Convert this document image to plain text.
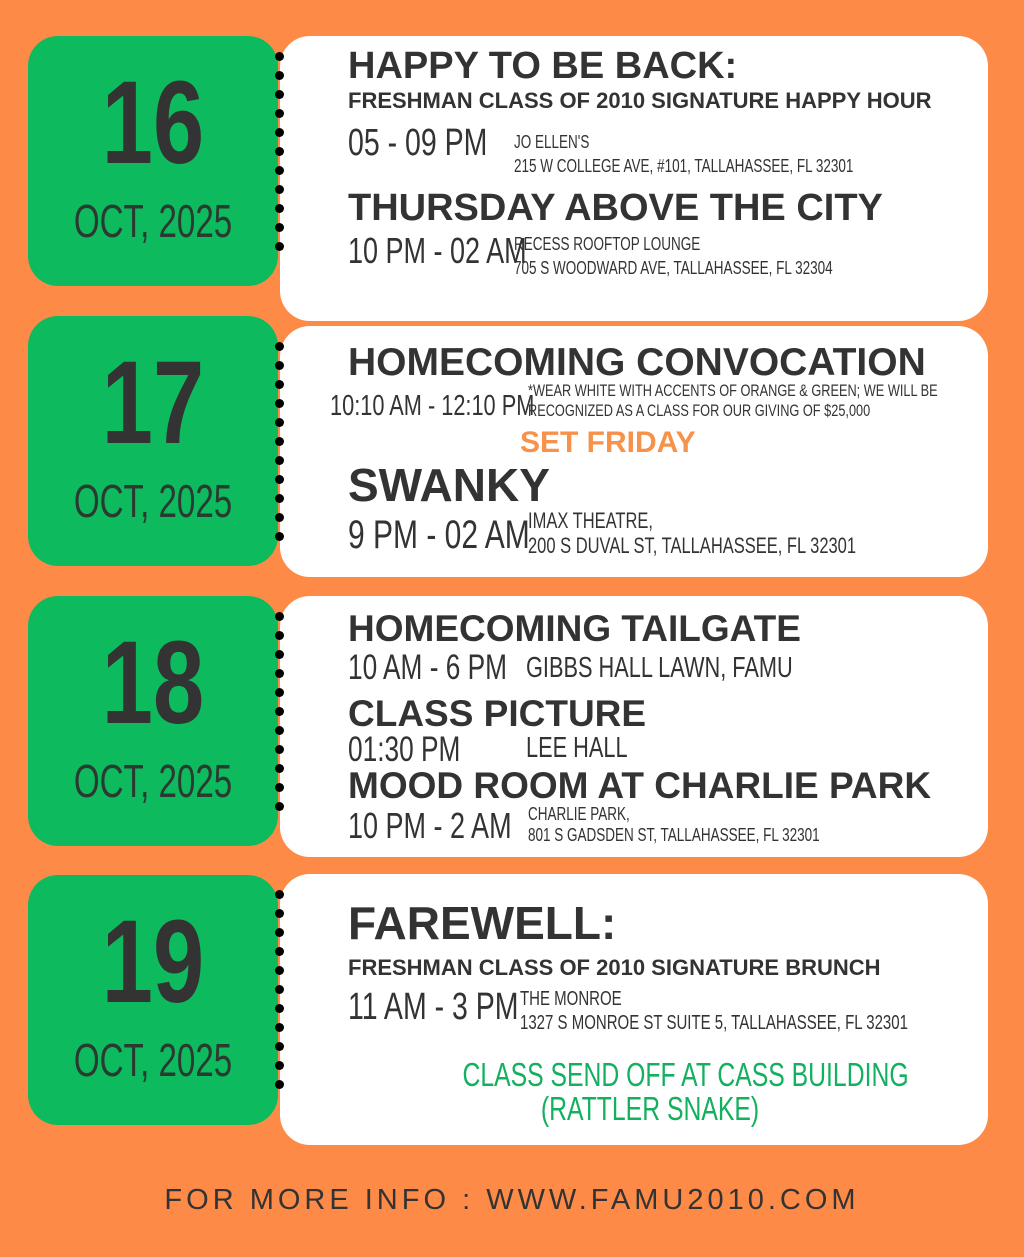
16
OCT, 2025
17
OCT, 2025
18
OCT, 2025
19
OCT, 2025
HAPPY TO BE BACK:
FRESHMAN CLASS OF 2010 SIGNATURE HAPPY HOUR
05 - 09 PM	JO ELLEN'S
215 W COLLEGE AVE, #101, TALLAHASSEE, FL 32301
THURSDAY ABOVE THE CITY
10 PM - 02 AM
RECESS ROOFTOP LOUNGE
705 S WOODWARD AVE, TALLAHASSEE, FL 32304
HOMECOMING CONVOCATION
10:10 AM - 12:10 PM
*WEAR WHITE WITH ACCENTS OF ORANGE & GREEN; WE WILL BE
RECOGNIZED AS A CLASS FOR OUR GIVING OF $25,000
SET FRIDAY
SWANKY
9 PM - 02 AM
IMAX THEATRE,
200 S DUVAL ST, TALLAHASSEE, FL 32301
HOMECOMING TAILGATE
10 AM - 6 PM GIBBS HALL LAWN, FAMU
CLASS PICTURE
01:30 PM	LEE HALL
MOOD ROOM AT CHARLIE PARK
10 PM - 2 AM CHARLIE PARK,
801 S GADSDEN ST, TALLAHASSEE, FL 32301
FAREWELL:
FRESHMAN CLASS OF 2010 SIGNATURE BRUNCH
11 AM - 3 PM THE MONROE
1327 S MONROE ST SUITE 5, TALLAHASSEE, FL 32301
CLASS SEND OFF AT CASS BUILDING
(RATTLER SNAKE)
FOR MORE INFO : WWW.FAMU2010.COM
